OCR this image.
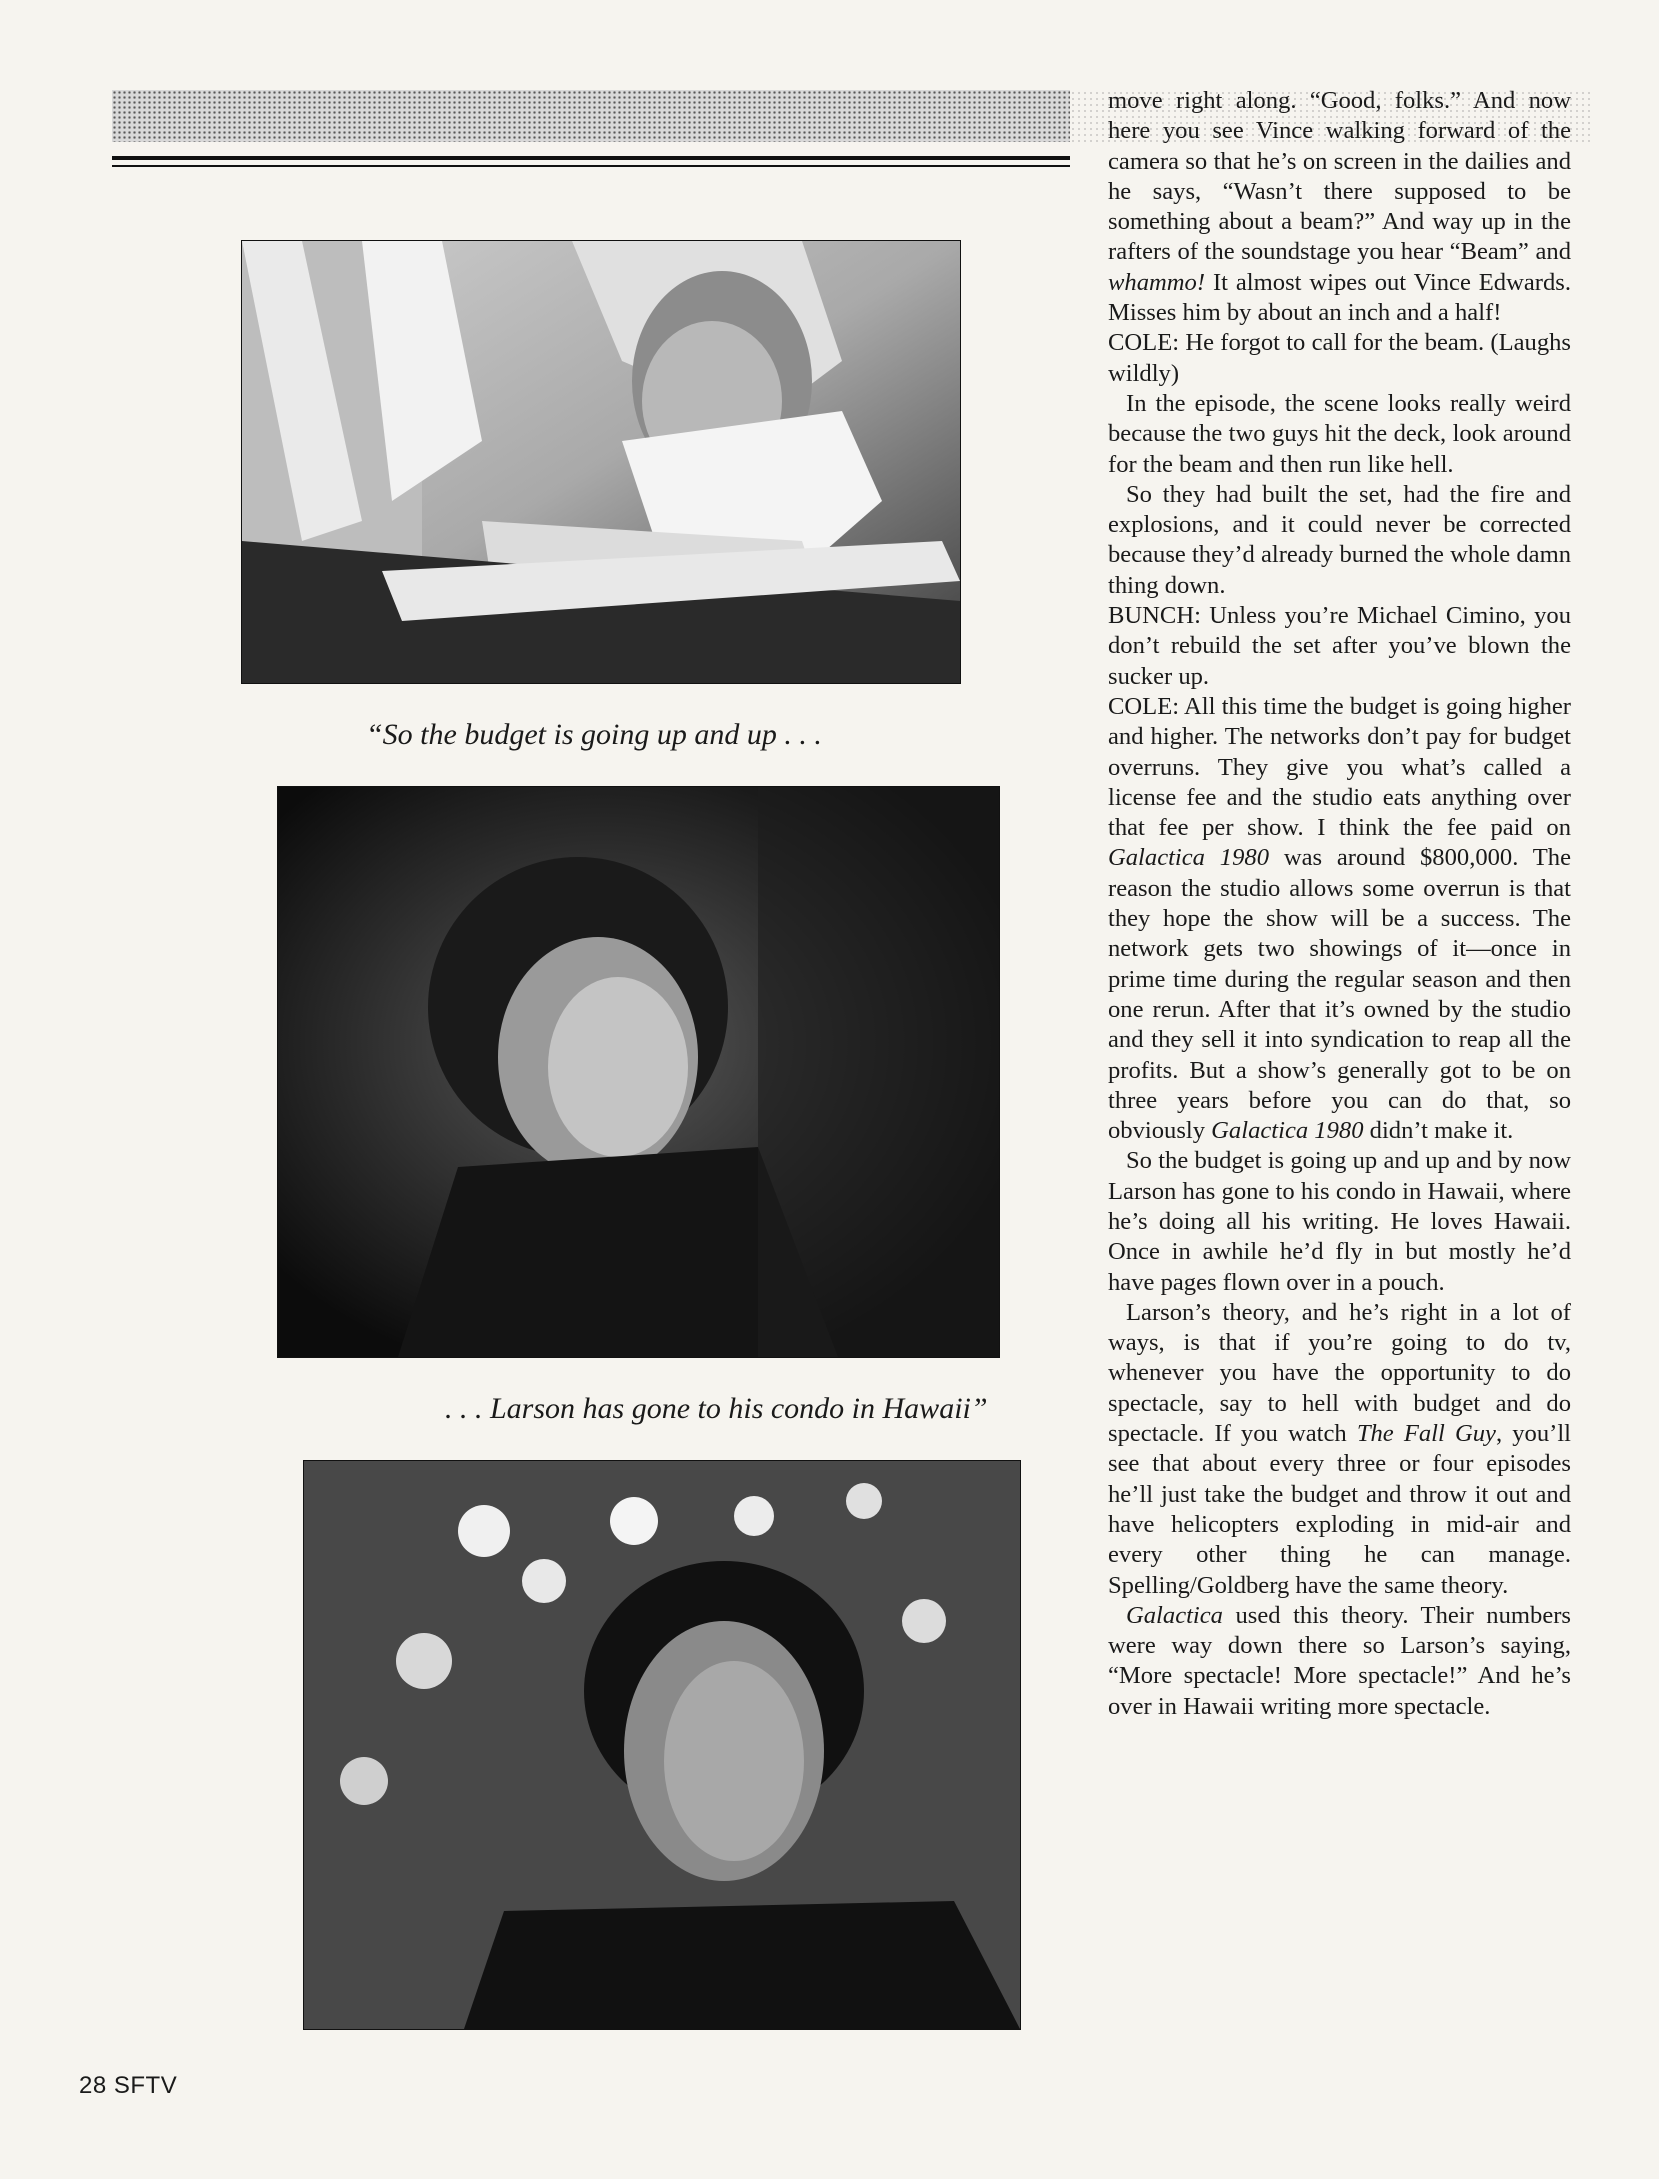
“So the budget is going up and up . . .
. . . Larson has gone to his condo in Hawaii”

move right along. “Good, folks.” And now here you see Vince walking forward of the camera so that he’s on screen in the dailies and he says, “Wasn’t there supposed to be something about a beam?” And way up in the rafters of the soundstage you hear “Beam” and whammo! It almost wipes out Vince Edwards. Misses him by about an inch and a half!

COLE: He forgot to call for the beam. (Laughs wildly)

In the episode, the scene looks really weird because the two guys hit the deck, look around for the beam and then run like hell.

So they had built the set, had the fire and explosions, and it could never be corrected because they’d already burned the whole damn thing down.

BUNCH: Unless you’re Michael Cimino, you don’t rebuild the set after you’ve blown the sucker up.

COLE: All this time the budget is going higher and higher. The networks don’t pay for budget overruns. They give you what’s called a license fee and the studio eats anything over that fee per show. I think the fee paid on Galactica 1980 was around $800,000. The reason the studio allows some overrun is that they hope the show will be a success. The network gets two showings of it—once in prime time during the regular season and then one rerun. After that it’s owned by the studio and they sell it into syndication to reap all the profits. But a show’s generally got to be on three years before you can do that, so obviously Galactica 1980 didn’t make it.

So the budget is going up and up and by now Larson has gone to his condo in Hawaii, where he’s doing all his writing. He loves Hawaii. Once in awhile he’d fly in but mostly he’d have pages flown over in a pouch.

Larson’s theory, and he’s right in a lot of ways, is that if you’re going to do tv, whenever you have the opportunity to do spectacle, say to hell with budget and do spectacle. If you watch The Fall Guy, you’ll see that about every three or four episodes he’ll just take the budget and throw it out and have helicopters exploding in mid-air and every other thing he can manage. Spelling/Goldberg have the same theory.

Galactica used this theory. Their numbers were way down there so Larson’s saying, “More spectacle! More spectacle!” And he’s over in Hawaii writing more spectacle.

28 SFTV
